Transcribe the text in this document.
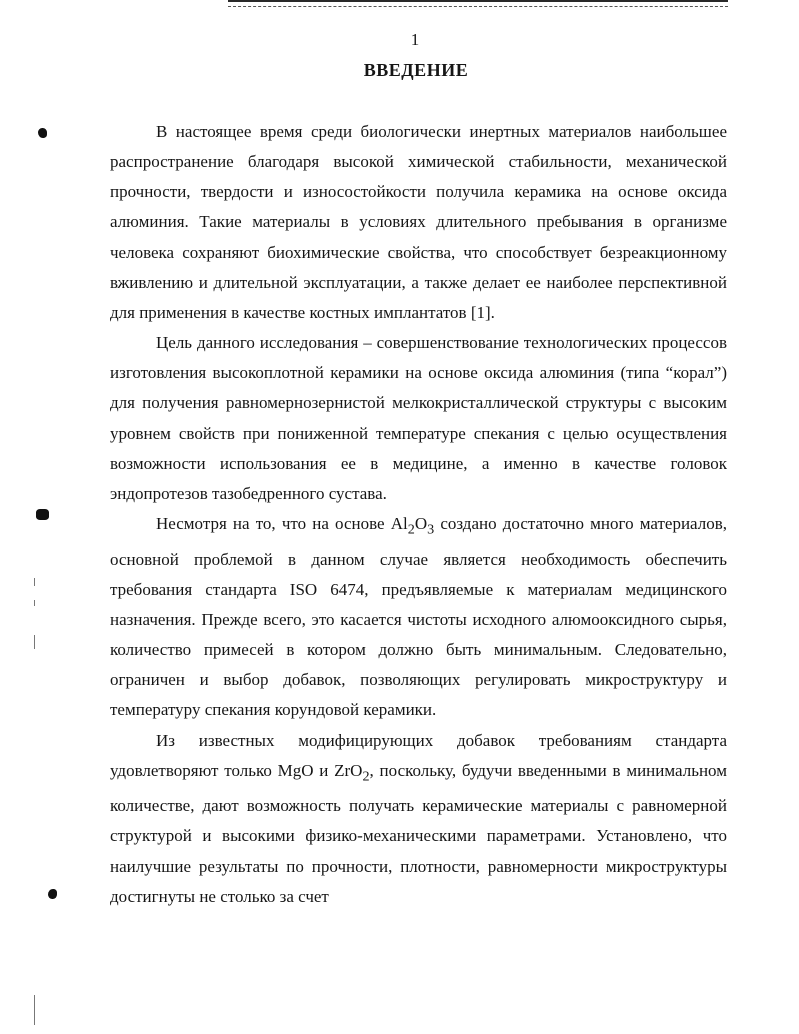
1
ВВЕДЕНИЕ

В настоящее время среди биологически инертных материалов наибольшее распространение благодаря высокой химической стабильности, механической прочности, твердости и износостойкости получила керамика на основе оксида алюминия. Такие материалы в условиях длительного пребывания в организме человека сохраняют биохимические свойства, что способствует безреакционному вживлению и длительной эксплуатации, а также делает ее наиболее перспективной для применения в качестве костных имплантатов [1].

Цель данного исследования – совершенствование технологических процессов изготовления высокоплотной керамики на основе оксида алюминия (типа “корал”) для получения равномернозернистой мелкокристаллической структуры с высоким уровнем свойств при пониженной температуре спекания с целью осуществления возможности использования ее в медицине, а именно в качестве головок эндопротезов тазобедренного сустава.

Несмотря на то, что на основе $Al_2O_3$ создано достаточно много материалов, основной проблемой в данном случае является необходимость обеспечить требования стандарта ISO 6474, предъявляемые к материалам медицинского назначения. Прежде всего, это касается чистоты исходного алюмооксидного сырья, количество примесей в котором должно быть минимальным. Следовательно, ограничен и выбор добавок, позволяющих регулировать микроструктуру и температуру спекания корундовой керамики.

Из известных модифицирующих добавок требованиям стандарта удовлетворяют только MgO и ZrO$_2$, поскольку, будучи введенными в минимальном количестве, дают возможность получать керамические материалы с равномерной структурой и высокими физико-механическими параметрами. Установлено, что наилучшие результаты по прочности, плотности, равномерности микроструктуры достигнуты не столько за счет
